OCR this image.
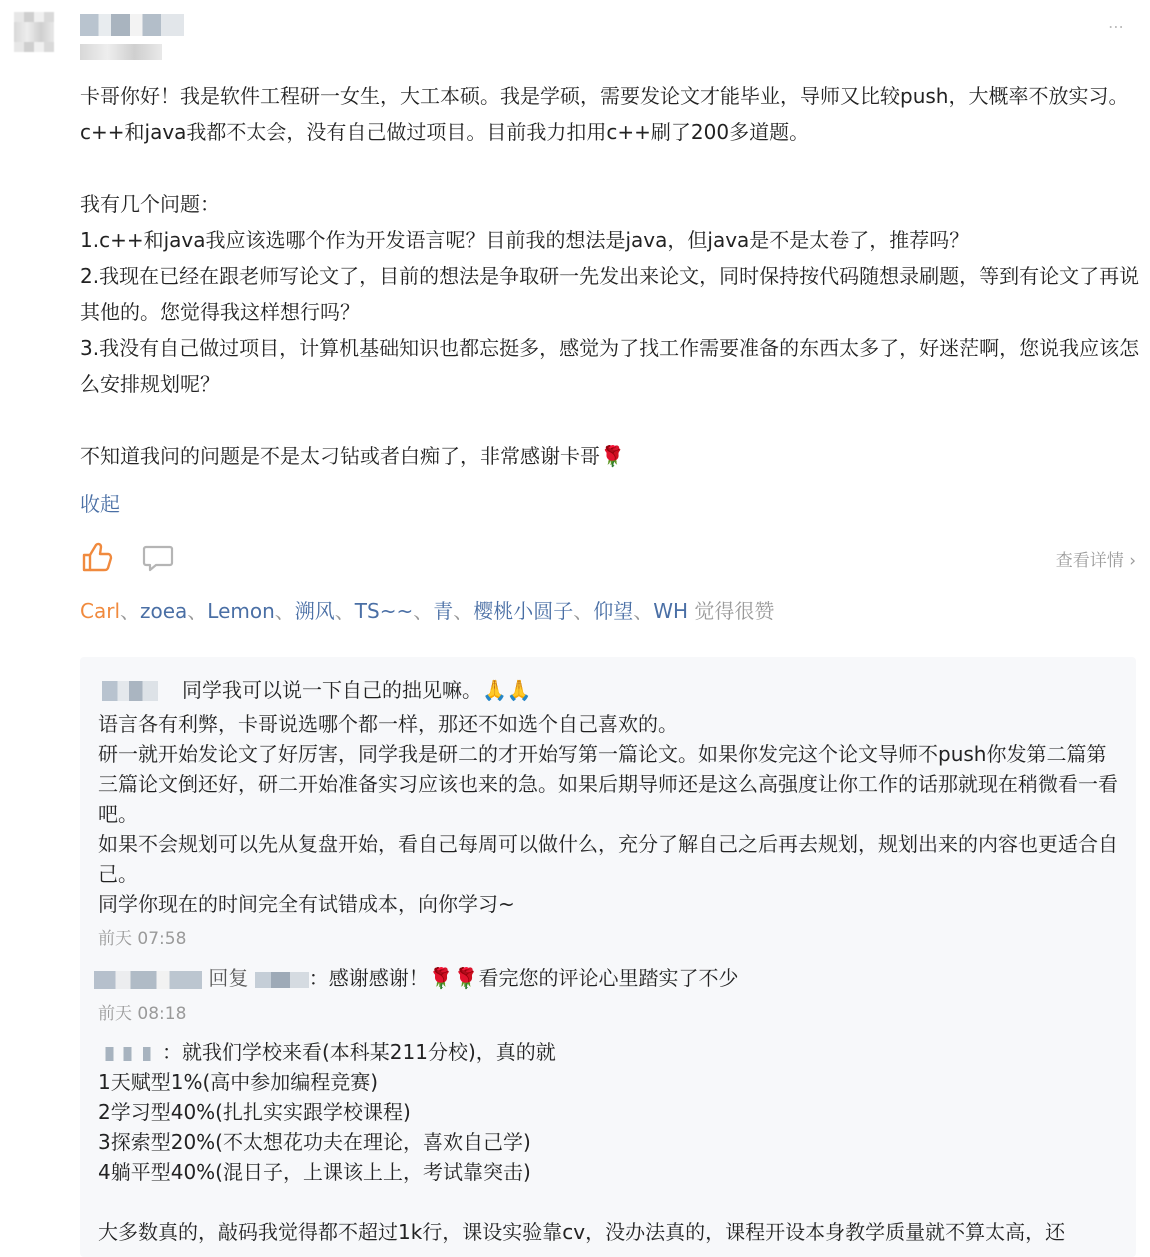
⋯

卡哥你好！我是软件工程研一女生，大工本硕。我是学硕，需要发论文才能毕业，导师又比较push，大概率不放实习。c++和java我都不太会，没有自己做过项目。目前我力扣用c++刷了200多道题。

我有几个问题：

1.c++和java我应该选哪个作为开发语言呢？目前我的想法是java，但java是不是太卷了，推荐吗？

2.我现在已经在跟老师写论文了，目前的想法是争取研一先发出来论文，同时保持按代码随想录刷题，等到有论文了再说其他的。您觉得我这样想行吗？

3.我没有自己做过项目，计算机基础知识也都忘挺多，感觉为了找工作需要准备的东西太多了，好迷茫啊，您说我应该怎么安排规划呢？

不知道我问的问题是不是太刁钻或者白痴了，非常感谢卡哥🌹

收起
查看详情 ›
Carl、zoea、Lemon、溯风、TS~~、青、樱桃小圆子、仰望、WH 觉得很赞
同学我可以说一下自己的拙见嘛。🙏🙏

语言各有利弊，卡哥说选哪个都一样，那还不如选个自己喜欢的。

研一就开始发论文了好厉害，同学我是研二的才开始写第一篇论文。如果你发完这个论文导师不push你发第二篇第三篇论文倒还好，研二开始准备实习应该也来的急。如果后期导师还是这么高强度让你工作的话那就现在稍微看一看吧。

如果不会规划可以先从复盘开始，看自己每周可以做什么，充分了解自己之后再去规划，规划出来的内容也更适合自己。

同学你现在的时间完全有试错成本，向你学习~

前天 07:58
回复	：感谢感谢！🌹🌹看完您的评论心里踏实了不少
前天 08:18

：就我们学校来看(本科某211分校)，真的就

1天赋型1%(高中参加编程竞赛)

2学习型40%(扎扎实实跟学校课程)

3探索型20%(不太想花功夫在理论，喜欢自己学)

4躺平型40%(混日子，上课该上上，考试靠突击)

大多数真的，敲码我觉得都不超过1k行，课设实验靠cv，没办法真的，课程开设本身教学质量就不算太高，还
